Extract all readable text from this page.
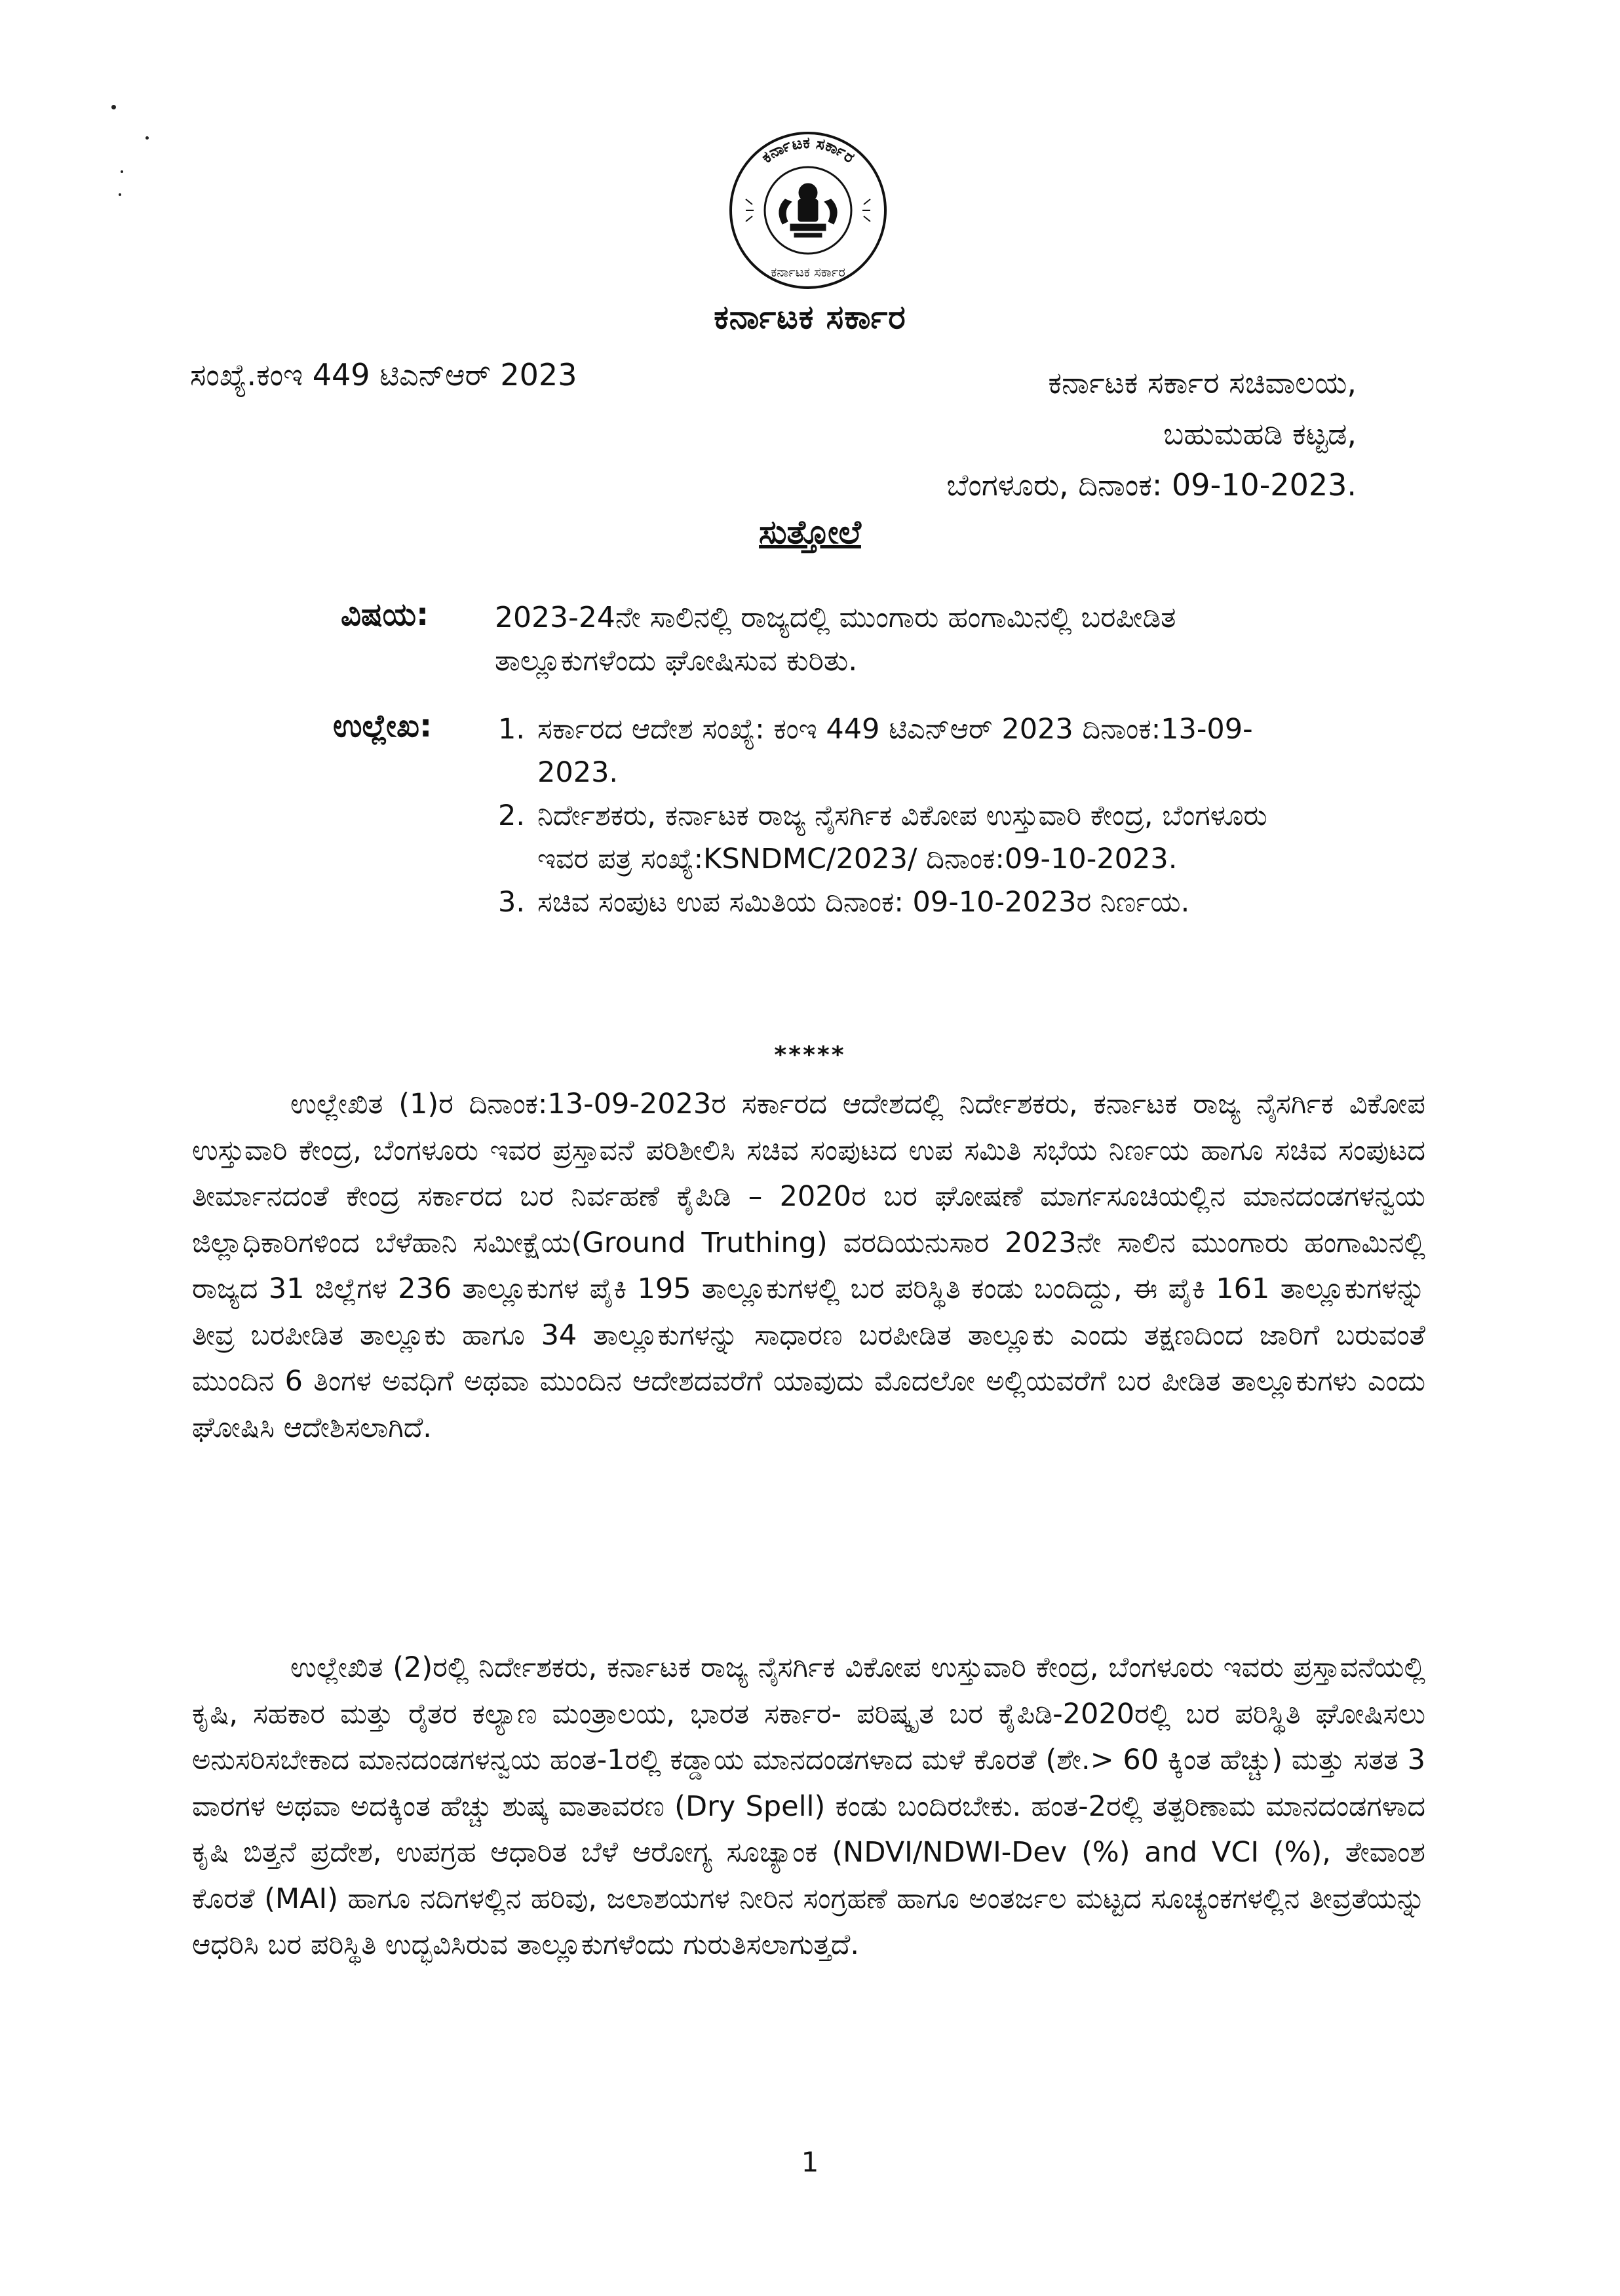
ಕರ್ನಾಟಕ ಸರ್ಕಾರ
ಕರ್ನಾಟಕ ಸರ್ಕಾರ
ಕರ್ನಾಟಕ ಸರ್ಕಾರ
ಸಂಖ್ಯೆ.ಕಂಇ 449 ಟಿಎನ್‌ಆರ್ 2023	ಕರ್ನಾಟಕ ಸರ್ಕಾರ ಸಚಿವಾಲಯ,
ಬಹುಮಹಡಿ ಕಟ್ಟಡ,
ಬೆಂಗಳೂರು, ದಿನಾಂಕ: 09-10-2023.
ಸುತ್ತೋಲೆ
ವಿಷಯ: 2023-24ನೇ ಸಾಲಿನಲ್ಲಿ ರಾಜ್ಯದಲ್ಲಿ ಮುಂಗಾರು ಹಂಗಾಮಿನಲ್ಲಿ ಬರಪೀಡಿತ ತಾಲ್ಲೂಕುಗಳೆಂದು ಘೋಷಿಸುವ ಕುರಿತು.
ಉಲ್ಲೇಖ: 1. ಸರ್ಕಾರದ ಆದೇಶ ಸಂಖ್ಯೆ: ಕಂಇ 449 ಟಿಎನ್‌ಆರ್ 2023 ದಿನಾಂಕ:13-09-2023.
2. ನಿರ್ದೇಶಕರು, ಕರ್ನಾಟಕ ರಾಜ್ಯ ನೈಸರ್ಗಿಕ ವಿಕೋಪ ಉಸ್ತುವಾರಿ ಕೇಂದ್ರ, ಬೆಂಗಳೂರು ಇವರ ಪತ್ರ ಸಂಖ್ಯೆ:KSNDMC/2023/ ದಿನಾಂಕ:09-10-2023.
3. ಸಚಿವ ಸಂಪುಟ ಉಪ ಸಮಿತಿಯ ದಿನಾಂಕ: 09-10-2023ರ ನಿರ್ಣಯ.
*****

ಉಲ್ಲೇಖಿತ (1)ರ ದಿನಾಂಕ:13-09-2023ರ ಸರ್ಕಾರದ ಆದೇಶದಲ್ಲಿ ನಿರ್ದೇಶಕರು, ಕರ್ನಾಟಕ ರಾಜ್ಯ ನೈಸರ್ಗಿಕ ವಿಕೋಪ ಉಸ್ತುವಾರಿ ಕೇಂದ್ರ, ಬೆಂಗಳೂರು ಇವರ ಪ್ರಸ್ತಾವನೆ ಪರಿಶೀಲಿಸಿ ಸಚಿವ ಸಂಪುಟದ ಉಪ ಸಮಿತಿ ಸಭೆಯ ನಿರ್ಣಯ ಹಾಗೂ ಸಚಿವ ಸಂಪುಟದ ತೀರ್ಮಾನದಂತೆ ಕೇಂದ್ರ ಸರ್ಕಾರದ ಬರ ನಿರ್ವಹಣೆ ಕೈಪಿಡಿ – 2020ರ ಬರ ಘೋಷಣೆ ಮಾರ್ಗಸೂಚಿಯಲ್ಲಿನ ಮಾನದಂಡಗಳನ್ವಯ ಜಿಲ್ಲಾಧಿಕಾರಿಗಳಿಂದ ಬೆಳೆಹಾನಿ ಸಮೀಕ್ಷೆಯ(Ground Truthing) ವರದಿಯನುಸಾರ 2023ನೇ ಸಾಲಿನ ಮುಂಗಾರು ಹಂಗಾಮಿನಲ್ಲಿ ರಾಜ್ಯದ 31 ಜಿಲ್ಲೆಗಳ 236 ತಾಲ್ಲೂಕುಗಳ ಪೈಕಿ 195 ತಾಲ್ಲೂಕುಗಳಲ್ಲಿ ಬರ ಪರಿಸ್ಥಿತಿ ಕಂಡು ಬಂದಿದ್ದು, ಈ ಪೈಕಿ 161 ತಾಲ್ಲೂಕುಗಳನ್ನು ತೀವ್ರ ಬರಪೀಡಿತ ತಾಲ್ಲೂಕು ಹಾಗೂ 34 ತಾಲ್ಲೂಕುಗಳನ್ನು ಸಾಧಾರಣ ಬರಪೀಡಿತ ತಾಲ್ಲೂಕು ಎಂದು ತಕ್ಷಣದಿಂದ ಜಾರಿಗೆ ಬರುವಂತೆ ಮುಂದಿನ 6 ತಿಂಗಳ ಅವಧಿಗೆ ಅಥವಾ ಮುಂದಿನ ಆದೇಶದವರೆಗೆ ಯಾವುದು ಮೊದಲೋ ಅಲ್ಲಿಯವರೆಗೆ ಬರ ಪೀಡಿತ ತಾಲ್ಲೂಕುಗಳು ಎಂದು ಘೋಷಿಸಿ ಆದೇಶಿಸಲಾಗಿದೆ.

ಉಲ್ಲೇಖಿತ (2)ರಲ್ಲಿ ನಿರ್ದೇಶಕರು, ಕರ್ನಾಟಕ ರಾಜ್ಯ ನೈಸರ್ಗಿಕ ವಿಕೋಪ ಉಸ್ತುವಾರಿ ಕೇಂದ್ರ, ಬೆಂಗಳೂರು ಇವರು ಪ್ರಸ್ತಾವನೆಯಲ್ಲಿ ಕೃಷಿ, ಸಹಕಾರ ಮತ್ತು ರೈತರ ಕಲ್ಯಾಣ ಮಂತ್ರಾಲಯ, ಭಾರತ ಸರ್ಕಾರ- ಪರಿಷ್ಕೃತ ಬರ ಕೈಪಿಡಿ-2020ರಲ್ಲಿ ಬರ ಪರಿಸ್ಥಿತಿ ಘೋಷಿಸಲು ಅನುಸರಿಸಬೇಕಾದ ಮಾನದಂಡಗಳನ್ವಯ ಹಂತ-1ರಲ್ಲಿ ಕಡ್ಡಾಯ ಮಾನದಂಡಗಳಾದ ಮಳೆ ಕೊರತೆ (ಶೇ.> 60 ಕ್ಕಿಂತ ಹೆಚ್ಚು) ಮತ್ತು ಸತತ 3 ವಾರಗಳ ಅಥವಾ ಅದಕ್ಕಿಂತ ಹೆಚ್ಚು ಶುಷ್ಕ ವಾತಾವರಣ (Dry Spell) ಕಂಡು ಬಂದಿರಬೇಕು. ಹಂತ-2ರಲ್ಲಿ ತತ್ಪರಿಣಾಮ ಮಾನದಂಡಗಳಾದ ಕೃಷಿ ಬಿತ್ತನೆ ಪ್ರದೇಶ, ಉಪಗ್ರಹ ಆಧಾರಿತ ಬೆಳೆ ಆರೋಗ್ಯ ಸೂಚ್ಯಾಂಕ (NDVI/NDWI-Dev (%) and VCI (%), ತೇವಾಂಶ ಕೊರತೆ (MAI) ಹಾಗೂ ನದಿಗಳಲ್ಲಿನ ಹರಿವು, ಜಲಾಶಯಗಳ ನೀರಿನ ಸಂಗ್ರಹಣೆ ಹಾಗೂ ಅಂತರ್ಜಲ ಮಟ್ಟದ ಸೂಚ್ಯಂಕಗಳಲ್ಲಿನ ತೀವ್ರತೆಯನ್ನು ಆಧರಿಸಿ ಬರ ಪರಿಸ್ಥಿತಿ ಉದ್ಭವಿಸಿರುವ ತಾಲ್ಲೂಕುಗಳೆಂದು ಗುರುತಿಸಲಾಗುತ್ತದೆ.

1
